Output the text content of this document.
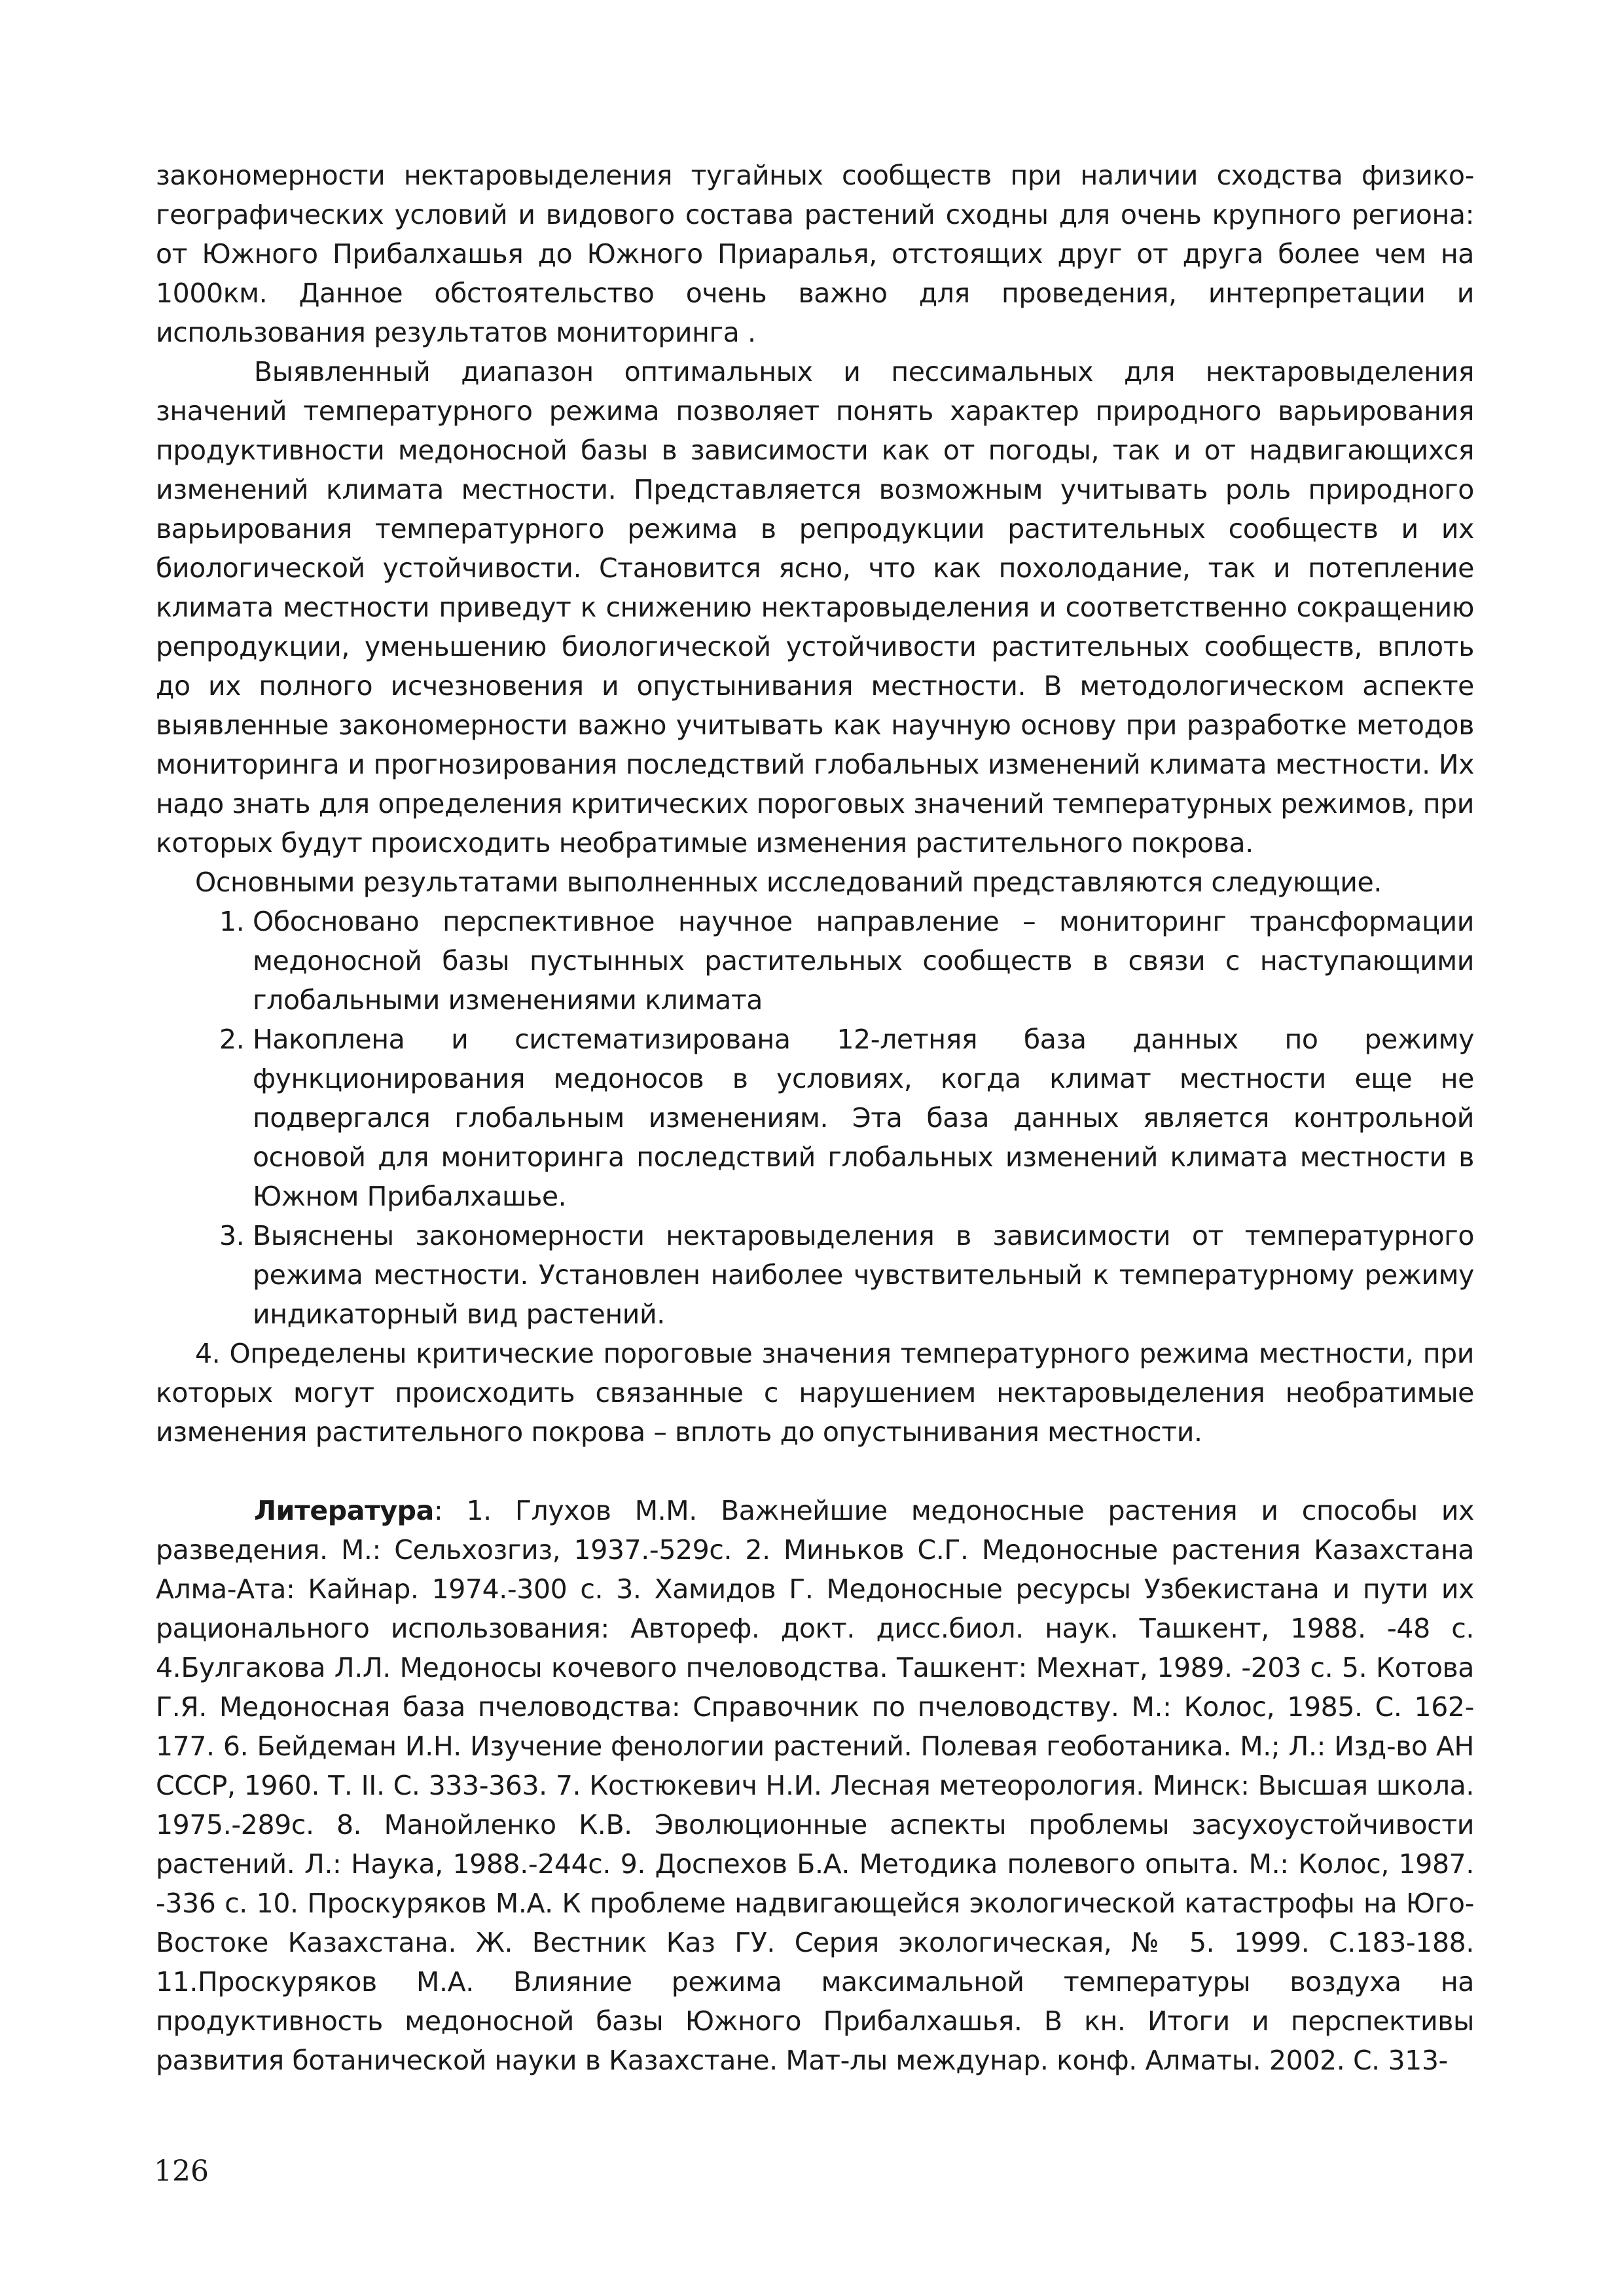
закономерности нектаровыделения тугайных сообществ при наличии сходства физико-географических условий и видового состава растений сходны для очень крупного региона: от Южного Прибалхашья до Южного Приаралья, отстоящих друг от друга более чем на 1000км. Данное обстоятельство очень важно для проведения, интерпретации и использования результатов мониторинга .

Выявленный диапазон оптимальных и пессимальных для нектаровыделения значений температурного режима позволяет понять характер природного варьирования продуктивности медоносной базы в зависимости как от погоды, так и от надвигающихся изменений климата местности. Представляется возможным учитывать роль природного варьирования температурного режима в репродукции растительных сообществ и их биологической устойчивости. Становится ясно, что как похолодание, так и потепление климата местности приведут к снижению нектаровыделения и соответственно сокращению репродукции, уменьшению биологической устойчивости растительных сообществ, вплоть до их полного исчезновения и опустынивания местности. В методологическом аспекте выявленные закономерности важно учитывать как научную основу при разработке методов мониторинга и прогнозирования последствий глобальных изменений климата местности. Их надо знать для определения критических пороговых значений температурных режимов, при которых будут происходить необратимые изменения растительного покрова.

Основными результатами выполненных исследований представляются следующие.

1. Обосновано перспективное научное направление – мониторинг трансформации медоносной базы пустынных растительных сообществ в связи с наступающими глобальными изменениями климата
2. Накоплена и систематизирована 12-летняя база данных по режиму функционирования медоносов в условиях, когда климат местности еще не подвергался глобальным изменениям. Эта база данных является контрольной основой для мониторинга последствий глобальных изменений климата местности в Южном Прибалхашье.
3. Выяснены закономерности нектаровыделения в зависимости от температурного режима местности. Установлен наиболее чувствительный к температурному режиму индикаторный вид растений.

4. Определены критические пороговые значения температурного режима местности, при которых могут происходить связанные с нарушением нектаровыделения необратимые изменения растительного покрова – вплоть до опустынивания местности.

Литература: 1. Глухов М.М. Важнейшие медоносные растения и способы их разведения. М.: Сельхозгиз, 1937.-529с. 2. Миньков С.Г. Медоносные растения Казахстана Алма-Ата: Кайнар. 1974.-300 с. 3. Хамидов Г. Медоносные ресурсы Узбекистана и пути их рационального использования: Автореф. докт. дисс.биол. наук. Ташкент, 1988. -48 с. 4.Булгакова Л.Л. Медоносы кочевого пчеловодства. Ташкент: Мехнат, 1989. -203 с. 5. Котова Г.Я. Медоносная база пчеловодства: Справочник по пчеловодству. М.: Колос, 1985. С. 162-177. 6. Бейдеман И.Н. Изучение фенологии растений. Полевая геоботаника. М.; Л.: Изд-во АН СССР, 1960. Т. II. С. 333-363. 7. Костюкевич Н.И. Лесная метеорология. Минск: Высшая школа. 1975.-289с. 8. Манойленко К.В. Эволюционные аспекты проблемы засухоустойчивости растений. Л.: Наука, 1988.-244с. 9. Доспехов Б.А. Методика полевого опыта. М.: Колос, 1987. -336 с. 10. Проскуряков М.А. К проблеме надвигающейся экологической катастрофы на Юго-Востоке Казахстана. Ж. Вестник Каз ГУ. Серия экологическая, № 5. 1999. С.183-188. 11.Проскуряков М.А. Влияние режима максимальной температуры воздуха на продуктивность медоносной базы Южного Прибалхашья. В кн. Итоги и перспективы развития ботанической науки в Казахстане. Мат-лы междунар. конф. Алматы. 2002. С. 313-

126
